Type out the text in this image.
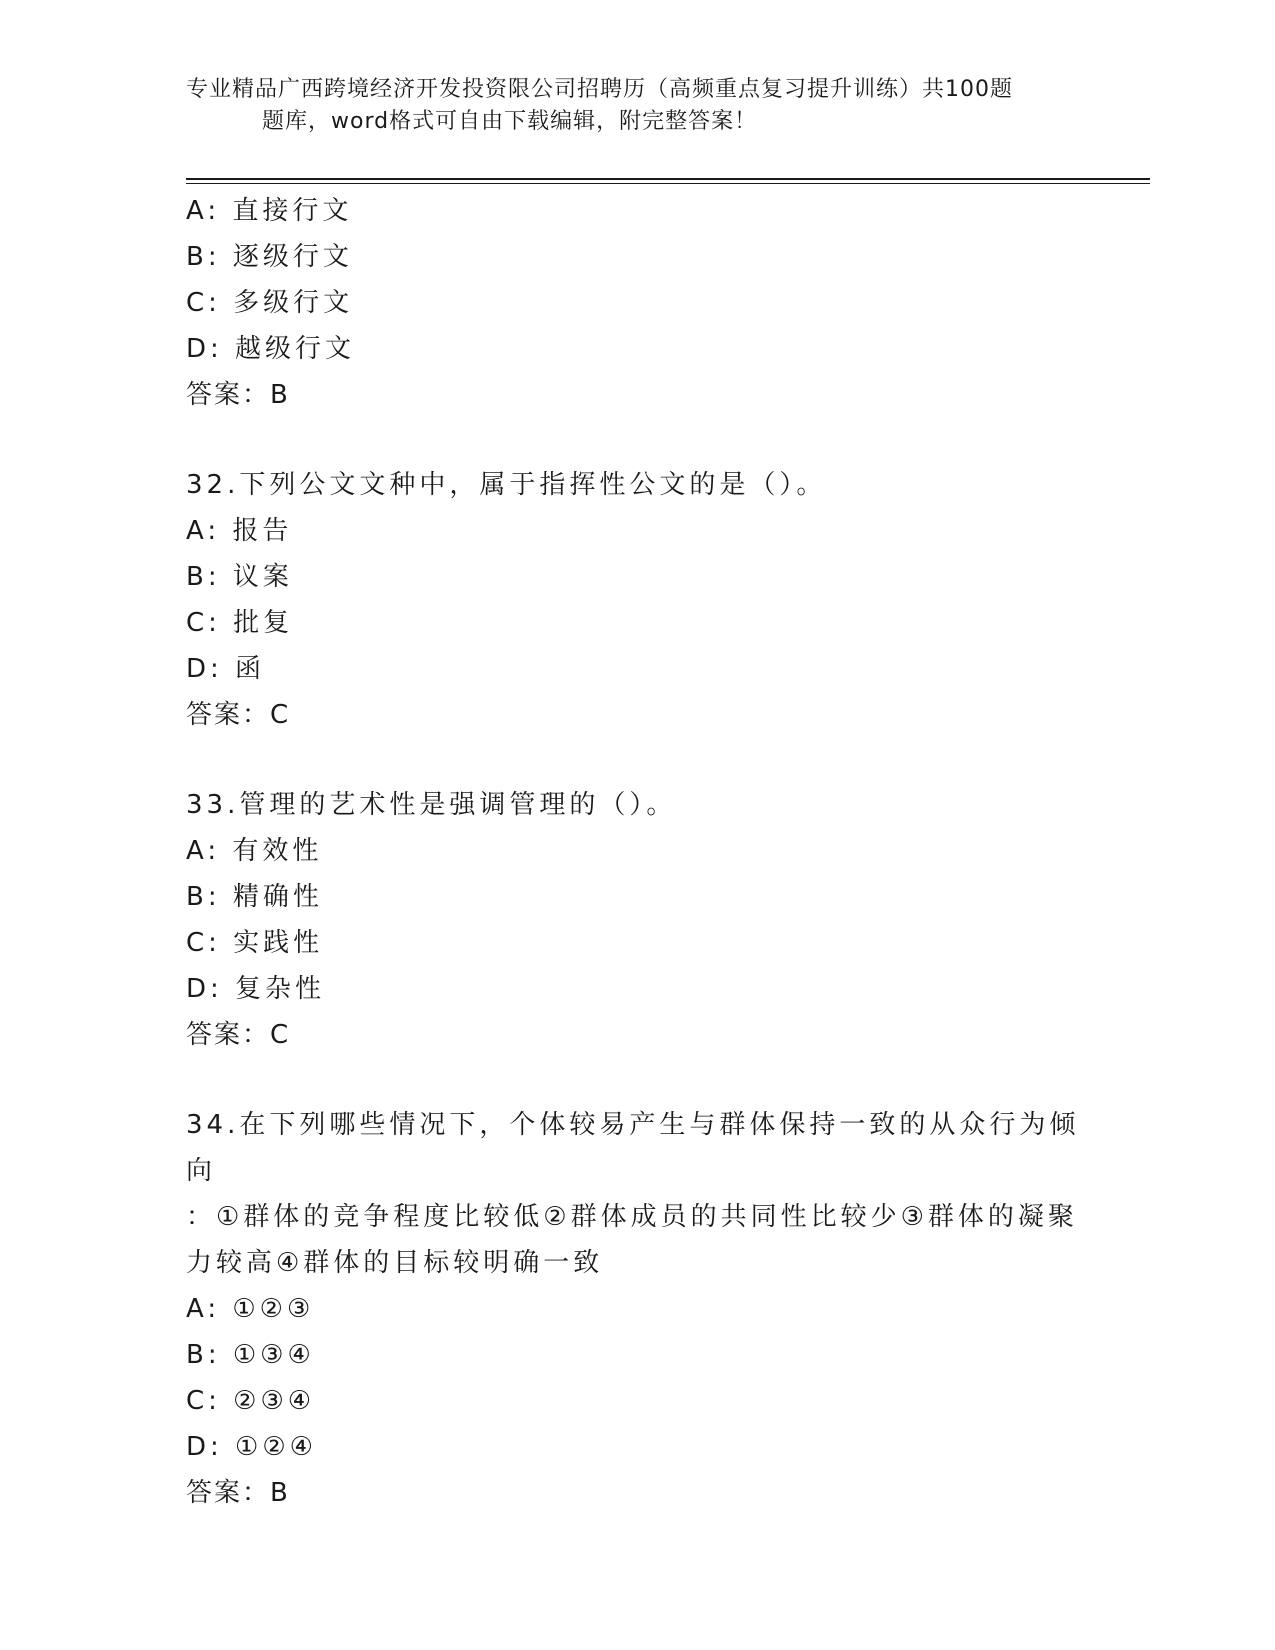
专业精品广西跨境经济开发投资限公司招聘历（高频重点复习提升训练）共100题
题库，word格式可自由下载编辑，附完整答案！
A: 直接行文
B: 逐级行文
C: 多级行文
D: 越级行文
答案：B
32.下列公文文种中，属于指挥性公文的是（）。
A: 报告
B: 议案
C: 批复
D: 函
答案：C
33.管理的艺术性是强调管理的（）。
A: 有效性
B: 精确性
C: 实践性
D: 复杂性
答案：C
34.在下列哪些情况下，个体较易产生与群体保持一致的从众行为倾向
：①群体的竞争程度比较低②群体成员的共同性比较少③群体的凝聚
力较高④群体的目标较明确一致
A: ①②③
B: ①③④
C: ②③④
D: ①②④
答案：B
